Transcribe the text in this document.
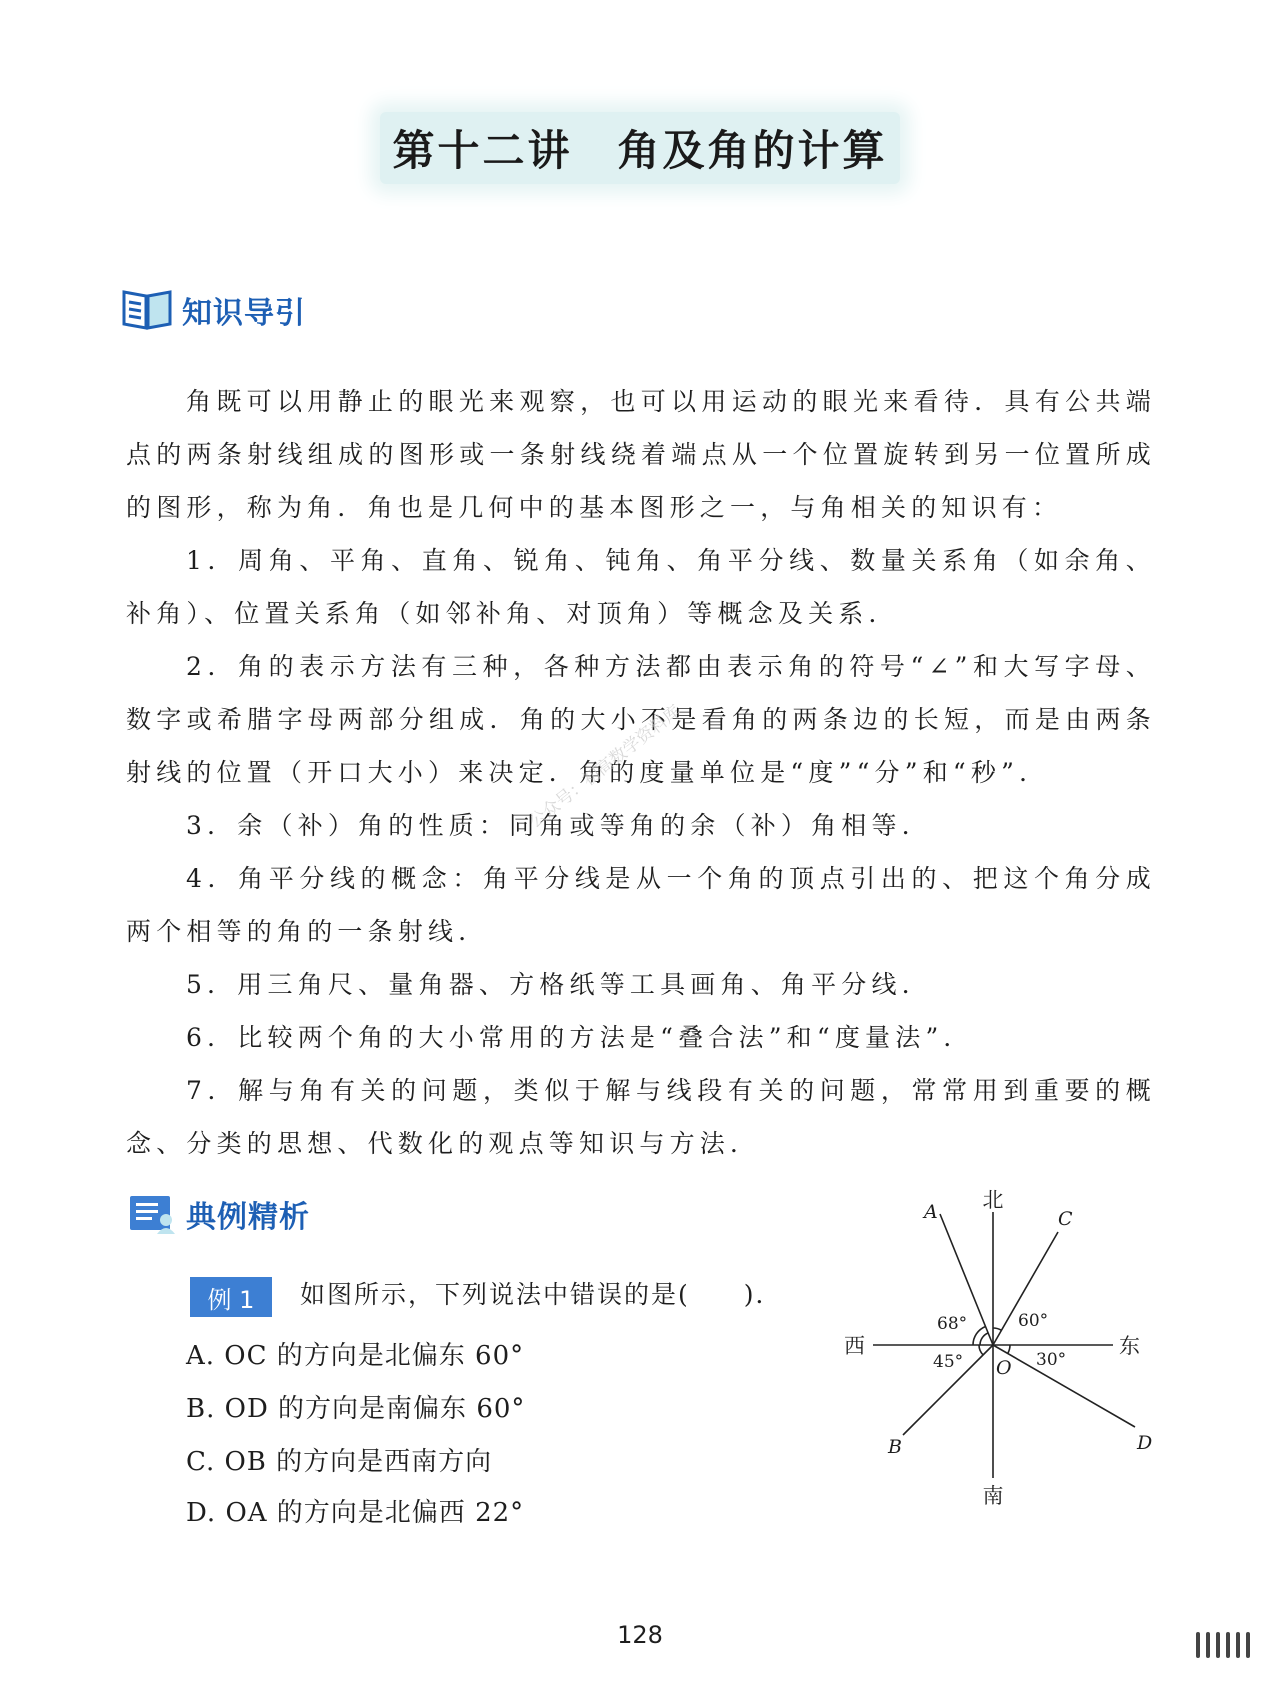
第十二讲　角及角的计算
知识导引

角既可以用静止的眼光来观察，也可以用运动的眼光来看待．具有公共端点的两条射线组成的图形或一条射线绕着端点从一个位置旋转到另一位置所成的图形，称为角．角也是几何中的基本图形之一，与角相关的知识有：

1．周角、平角、直角、锐角、钝角、角平分线、数量关系角（如余角、补角）、位置关系角（如邻补角、对顶角）等概念及关系．

2．角的表示方法有三种，各种方法都由表示角的符号“∠”和大写字母、数字或希腊字母两部分组成．角的大小不是看角的两条边的长短，而是由两条射线的位置（开口大小）来决定．角的度量单位是“度”“分”和“秒”．

3．余（补）角的性质：同角或等角的余（补）角相等．

4．角平分线的概念：角平分线是从一个角的顶点引出的、把这个角分成两个相等的角的一条射线．

5．用三角尺、量角器、方格纸等工具画角、角平分线．

6．比较两个角的大小常用的方法是“叠合法”和“度量法”．

7．解与角有关的问题，类似于解与线段有关的问题，常常用到重要的概念、分类的思想、代数化的观点等知识与方法．

公众号：初高数学资料库
典例精析
例 1	如图所示，下列说法中错误的是(　　)．
A. OC 的方向是北偏东 60°
B. OD 的方向是南偏东 60°
C. OB 的方向是西南方向
D. OA 的方向是北偏西 22°
北
南
东
西
A	C
B	D
O
68°	60°
45°	30°
128
